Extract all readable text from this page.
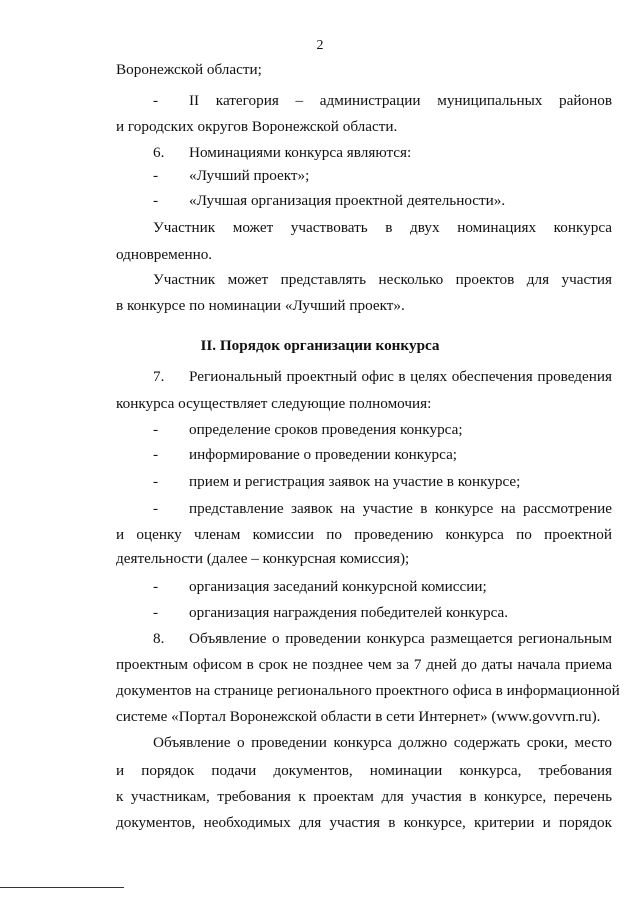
2
Воронежской области;
- II категория – администрации муниципальных районов
и городских округов Воронежской области.
6. Номинациями конкурса являются:
- «Лучший проект»;
- «Лучшая организация проектной деятельности».
Участник может участвовать в двух номинациях конкурса
одновременно.
Участник может представлять несколько проектов для участия
в конкурсе по номинации «Лучший проект».
II. Порядок организации конкурса
7. Региональный проектный офис в целях обеспечения проведения
конкурса осуществляет следующие полномочия:
- определение сроков проведения конкурса;
- информирование о проведении конкурса;
- прием и регистрация заявок на участие в конкурсе;
- представление заявок на участие в конкурсе на рассмотрение
и оценку членам комиссии по проведению конкурса по проектной
деятельности (далее – конкурсная комиссия);
- организация заседаний конкурсной комиссии;
- организация награждения победителей конкурса.
8. Объявление о проведении конкурса размещается региональным
проектным офисом в срок не позднее чем за 7 дней до даты начала приема
документов на странице регионального проектного офиса в информационной
системе «Портал Воронежской области в сети Интернет» (www.govvrn.ru).
Объявление о проведении конкурса должно содержать сроки, место
и порядок подачи документов, номинации конкурса, требования
к участникам, требования к проектам для участия в конкурсе, перечень
документов, необходимых для участия в конкурсе, критерии и порядок
